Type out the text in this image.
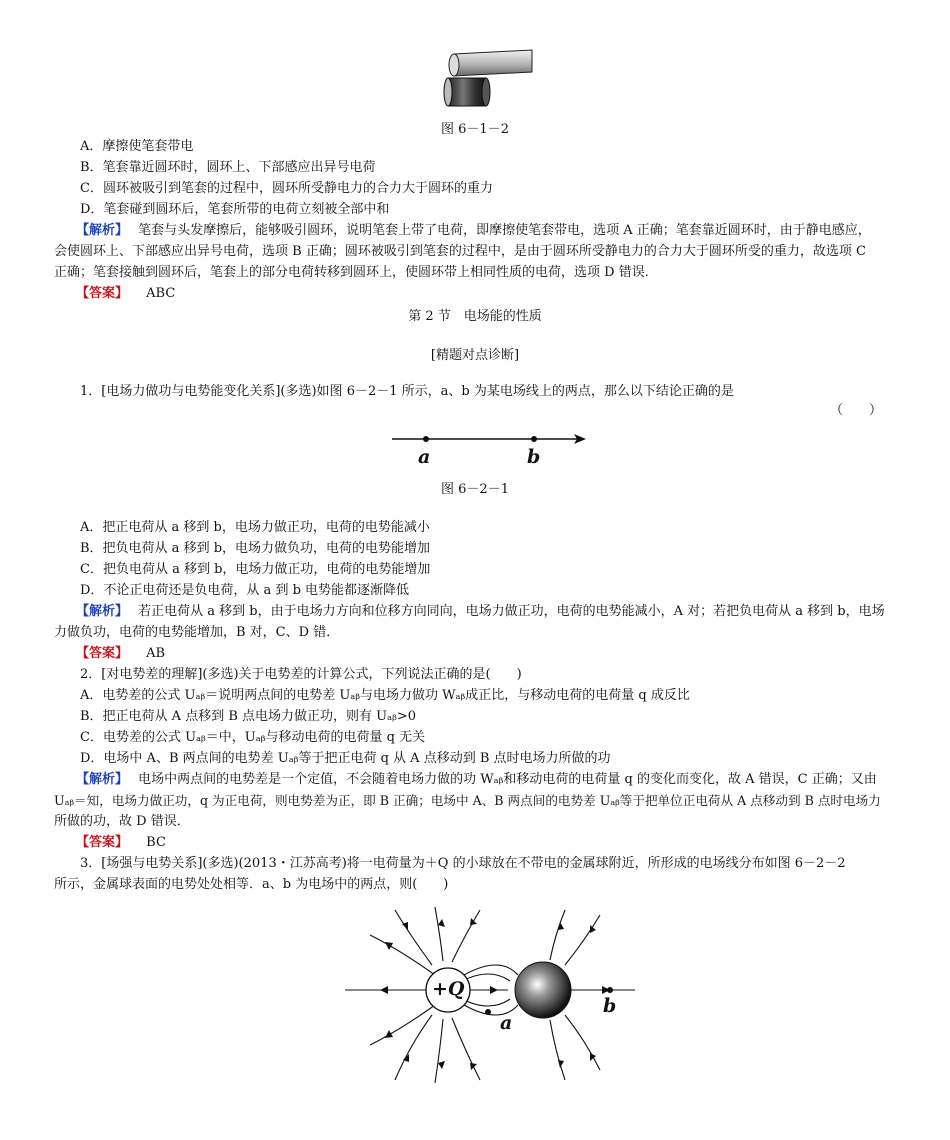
图 6－1－2
A．摩擦使笔套带电
B．笔套靠近圆环时，圆环上、下部感应出异号电荷
C．圆环被吸引到笔套的过程中，圆环所受静电力的合力大于圆环的重力
D．笔套碰到圆环后，笔套所带的电荷立刻被全部中和
【解析】 笔套与头发摩擦后，能够吸引圆环，说明笔套上带了电荷，即摩擦使笔套带电，选项 A 正确；笔套靠近圆环时，由于静电感应，
会使圆环上、下部感应出异号电荷，选项 B 正确；圆环被吸引到笔套的过程中，是由于圆环所受静电力的合力大于圆环所受的重力，故选项 C
正确；笔套接触到圆环后，笔套上的部分电荷转移到圆环上，使圆环带上相同性质的电荷，选项 D 错误．
【答案】 ABC
第 2 节　电场能的性质
[精题对点诊断]
1．[电场力做功与电势能变化关系](多选)如图 6－2－1 所示，a、b 为某电场线上的两点，那么以下结论正确的是
（　　）
a	b
图 6－2－1
A．把正电荷从 a 移到 b，电场力做正功，电荷的电势能减小
B．把负电荷从 a 移到 b，电场力做负功，电荷的电势能增加
C．把负电荷从 a 移到 b，电场力做正功，电荷的电势能增加
D．不论正电荷还是负电荷，从 a 到 b 电势能都逐渐降低
【解析】 若正电荷从 a 移到 b，由于电场力方向和位移方向同向，电场力做正功，电荷的电势能减小，A 对；若把负电荷从 a 移到 b，电场
力做负功，电荷的电势能增加，B 对，C、D 错．
【答案】 AB
2．[对电势差的理解](多选)关于电势差的计算公式，下列说法正确的是(　　)
A．电势差的公式 Uₐᵦ＝说明两点间的电势差 Uₐᵦ与电场力做功 Wₐᵦ成正比，与移动电荷的电荷量 q 成反比
B．把正电荷从 A 点移到 B 点电场力做正功，则有 Uₐᵦ>0
C．电势差的公式 Uₐᵦ＝中，Uₐᵦ与移动电荷的电荷量 q 无关
D．电场中 A、B 两点间的电势差 Uₐᵦ等于把正电荷 q 从 A 点移动到 B 点时电场力所做的功
【解析】 电场中两点间的电势差是一个定值，不会随着电场力做的功 Wₐᵦ和移动电荷的电荷量 q 的变化而变化，故 A 错误，C 正确；又由
Uₐᵦ＝知，电场力做正功，q 为正电荷，则电势差为正，即 B 正确；电场中 A、B 两点间的电势差 Uₐᵦ等于把单位正电荷从 A 点移动到 B 点时电场力
所做的功，故 D 错误．
【答案】 BC
3．[场强与电势关系](多选)(2013・江苏高考)将一电荷量为＋Q 的小球放在不带电的金属球附近，所形成的电场线分布如图 6－2－2
所示，金属球表面的电势处处相等．a、b 为电场中的两点，则(　　)
+Q
a
b
